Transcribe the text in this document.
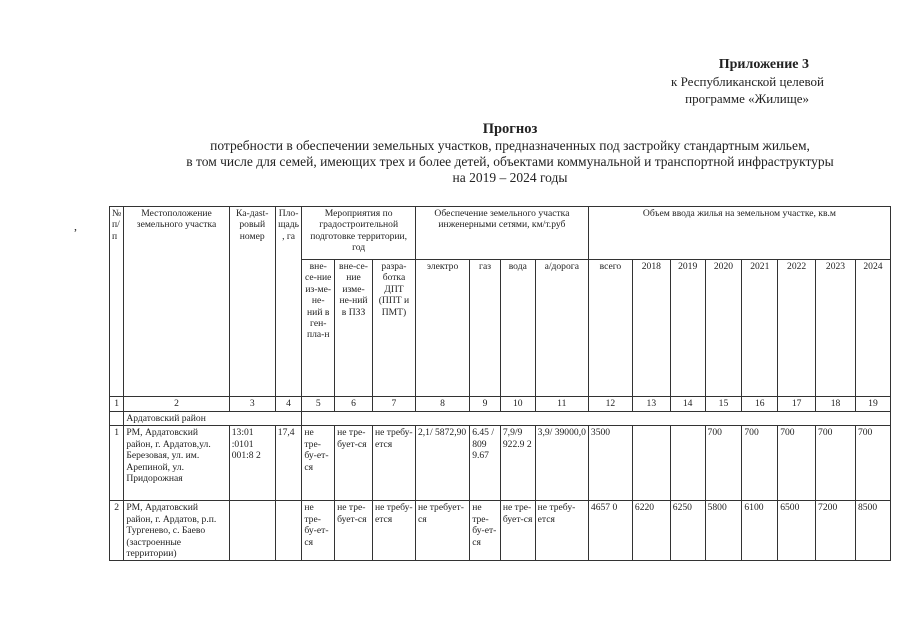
Приложение 3
к Республиканской целевой
программе «Жилище»
Прогноз
потребности в обеспечении земельных участков, предназначенных под застройку стандартным жильем,
в том числе для семей, имеющих трех и более детей, объектами коммунальной и транспортной инфраструктуры
на 2019 – 2024 годы
,
№ п/п	Местоположение земельного участка	Ка-дast-ровый номер	Пло-щадь, га	Мероприятия по градостроительной подготовке территории, год			Обеспечение земельного участка инженерными сетями, км/т.руб				Объем ввода жилья на земельном участке, кв.м							
				вне-се-ние из-ме-не-ний в ген-пла-н	вне-се-ние изме-не-ний в ПЗЗ	разра-ботка ДПТ (ППТ и ПМТ)	электро	газ	вода	а/дорога	всего	2018	2019	2020	2021	2022	2023	2024
1	2	3	4	5	6	7	8	9	10	11	12	13	14	15	16	17	18	19
	Ардатовский район																	
1	РМ, Ардатовский район, г. Ардатов,ул. Березовая, ул. им. Арепиной, ул. Придорожная	13:01 :0101 001:8 2	17,4	не тре-бу-ет-ся	не тре-бует-ся	не требу-ется	2,1/ 5872,90	6.45 / 809 9.67	7,9/9 922.9 2	3,9/ 39000,0	3500			700	700	700	700	700
2	РМ, Ардатовский район, г. Ардатов, р.п. Тургенево, с. Баево (застроенные территории)			не тре-бу-ет-ся	не тре-бует-ся	не требу-ется	не требует-ся	не тре-бу-ет-ся	не тре-бует-ся	не требу-ется	4657 0	6220	6250	5800	6100	6500	7200	8500
